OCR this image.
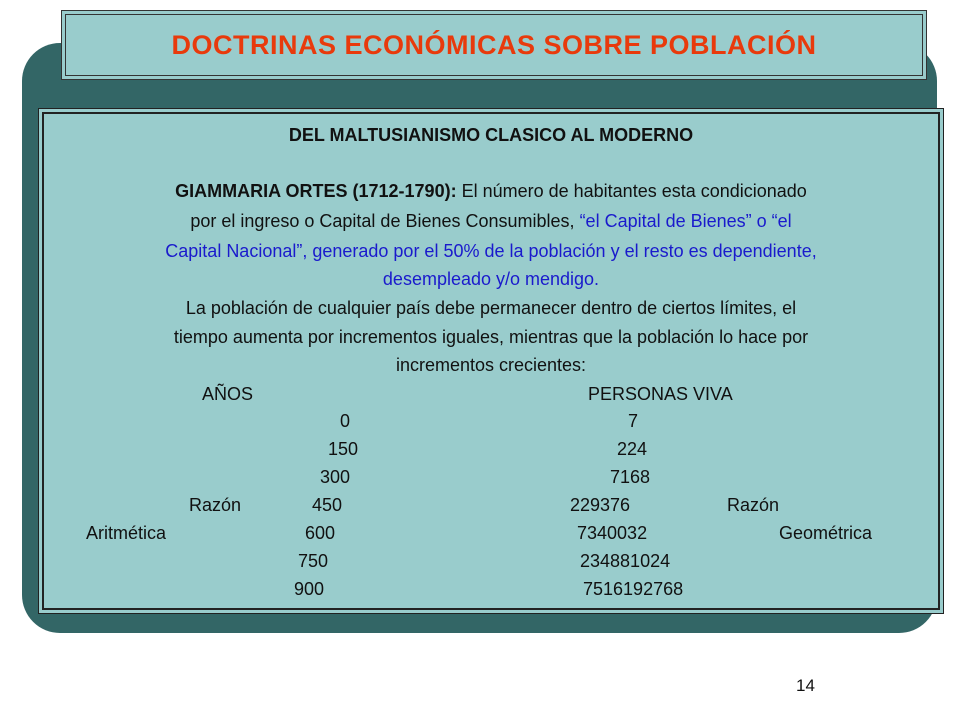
DOCTRINAS ECONÓMICAS SOBRE POBLACIÓN
DEL MALTUSIANISMO CLASICO AL MODERNO
GIAMMARIA ORTES (1712-1790): El número de habitantes esta condicionado
por el ingreso o Capital de Bienes Consumibles, “el Capital de Bienes” o “el
Capital Nacional”, generado por el 50% de la población y el resto es dependiente,
desempleado y/o mendigo.
La población de cualquier país debe permanecer dentro de ciertos límites, el
tiempo aumenta por incrementos iguales, mientras que la población lo hace por
incrementos crecientes:
AÑOS	PERSONAS VIVA
0	7
150	224
300	7168
Razón	450	229376	Razón
Aritmética	600	7340032	Geométrica
750	234881024
900	7516192768
14
